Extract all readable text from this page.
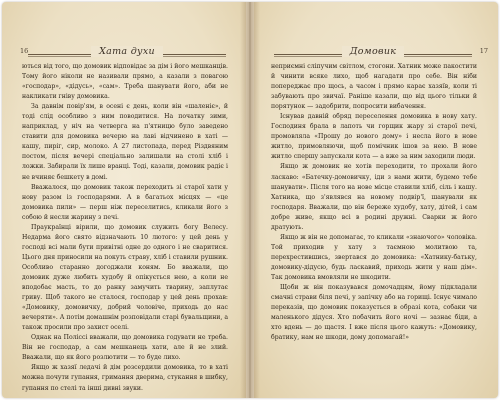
16	Хата духи

ються від того, що домовик відповідає за дім і його мешканців. Тому його ніколи не називали прямо, а казали з повагою «господар», «дідусь», «сам». Треба шанувати його, аби не накликати гніву домовика.

За давнім повір'ям, в осені є день, коли він «шаленіє», й тоді слід особливо з ним поводитися. На початку зими, наприклад, у ніч на четверга на п'ятницю було заведено ставити для домовика вечерю на лаві відчинено в хаті — кашу, пиріг, сир, молоко. А 27 листопада, перед Різдвяним постом, після вечері спеціально залишали на столі хліб і ложки. Забирали їх лише вранці. Тоді, казали, домовик радіє і не вчиняє бешкету в домі.

Вважалося, що домовик також переходить зі старої хати у нову разом із господарями. А в багатьох місцях — «це домовика пили» — перш ніж переселитись, кликали його з собою й несли жарину з печі.

Праукраїнці вірили, що домовик служить богу Велесу. Недарма його свято відзначають 10 лютого: у цей день у господі всі мали бути привітні одне до одного і не сваритися. Цього дня приносили на покуть страву, хліб і ставили рушник. Особливо старанно догоджали коням. Бо вважали, що домовик дуже любить худобу й опікується нею, а коли не вподобає масть, то до ранку замучить тварину, заплутає гриву. Щоб такого не сталося, господар у цей день прохав: «Домовику, домовичку, добрий чоловіче, приходь до нас вечеряти». А потім домашнім розповідали старі бувальщини, а також просили про захист оселі.

Однак на Поліссі вважали, що домовика годувати не треба. Він не господар, а сам мешканець хати, але й не злий. Вважали, що як його розлютити — то буде лихо.

Якщо ж хазяї ледачі й дім розсердили домовика, то в хаті можна почути гупання, гримання дверима, стукання в шибку, гупання по стелі та інші дивні звуки.

17
Домовик

неприємні сліпучим світлом, стогони. Хатник може пакостити й чинити всяке лихо, щоб нагадати про себе. Він ніби попереджає про щось, а часом і прямо карає хазяїв, коли ті забувають про звичаї. Раніше казали, що від цього тільки й порятунок — задобрити, попросити вибачення.

Існував давній обряд переселення домовика в нову хату. Господиня брала в лапоть чи горщик жару зі старої печі, промовляла «Прошу до нового дому» і несла його в нове житло, примовляючи, щоб помічник ішов за нею. В нове житло спершу запускали кота — а вже за ним заходили люди.

Якщо ж домовик не хотів переходити, то прохали його ласкаво: «Батечку-домовичку, іди з нами жити, будемо тебе шанувати». Після того на нове місце ставили хліб, сіль і кашу. Хатника, що з'являвся на новому подвір'ї, шанували як господаря. Вважали, що він береже худобу, хату, дітей, і сам добре живе, якщо всі в родині дружні. Сварки ж його дратують.

Якщо ж він не допомагає, то кликали «знаючого» чоловіка. Той приходив у хату з таємною молитвою та, перехрестившись, звертався до домовика: «Хатнику-батьку, домовику-дідусю, будь ласкавий, приходь жити у наш дім». Так домовика вмовляли не шкодити.

Щоби ж він показувався домочадцям, йому підкладали смачні страви біля печі, у запічку або на горищі. Існує чимало переказів, що домовик показується в образі кота, собаки чи маленького дідуся. Хто побачить його ночі — зазнає біди, а хто вдень — до щастя. І вже після цього кажуть: «Домовику, братику, нам не шкоди, дому допомагай!»
